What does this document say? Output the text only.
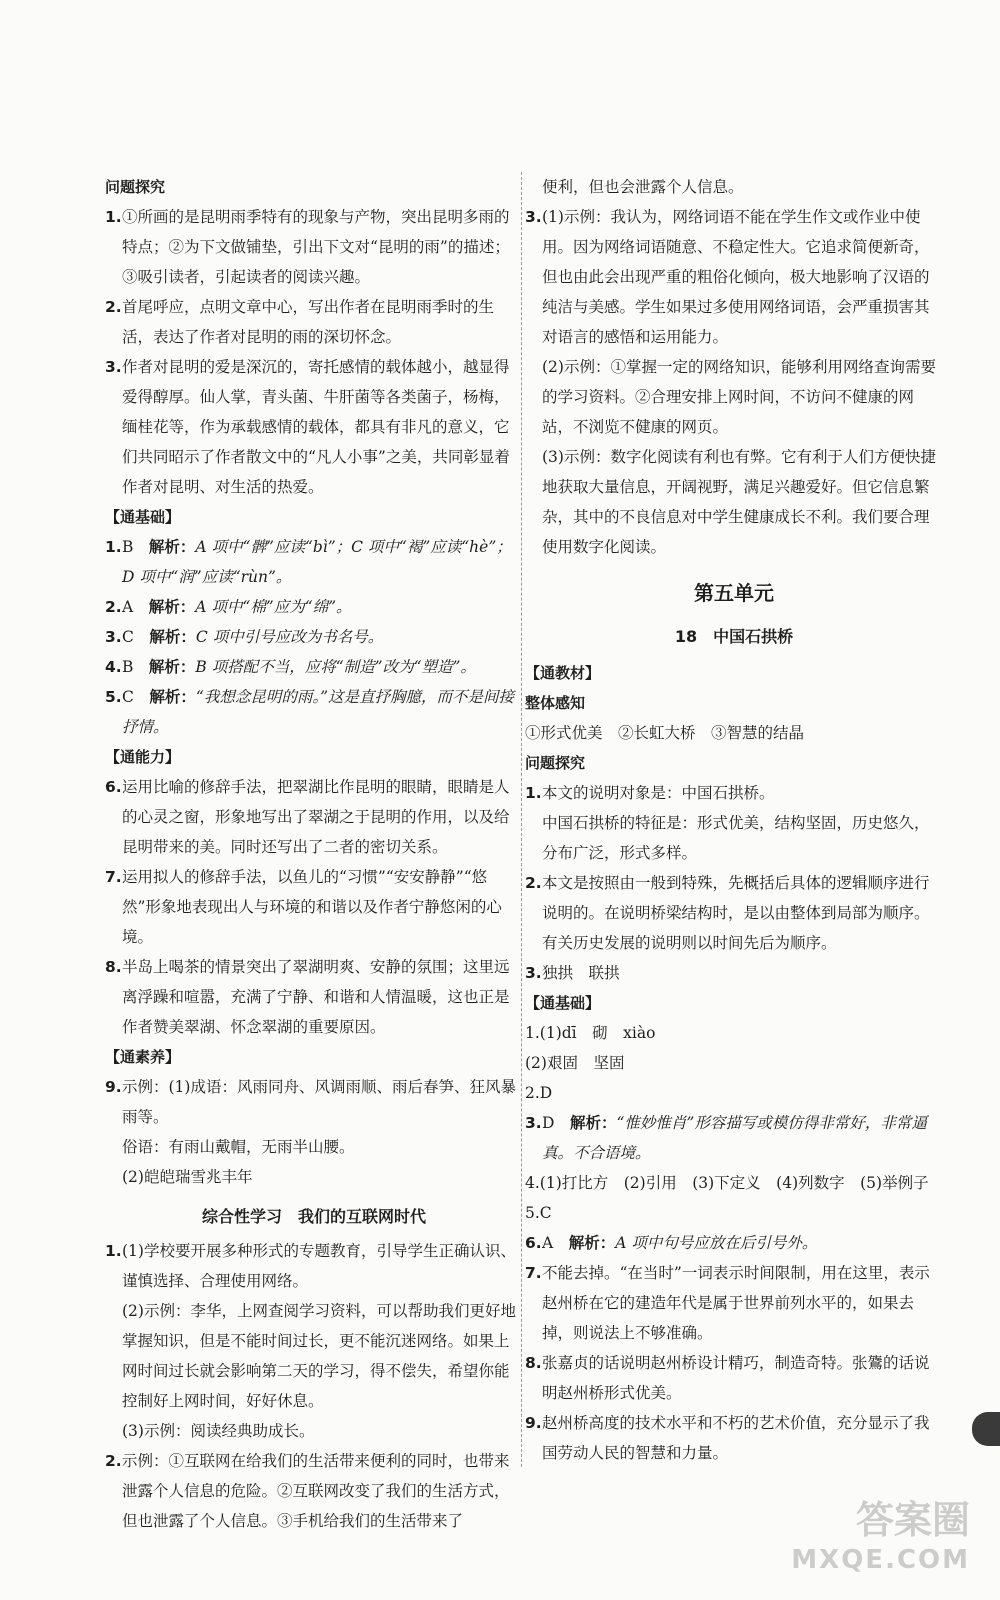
问题探究

1. ①所画的是昆明雨季特有的现象与产物，突出昆明多雨的特点；②为下文做铺垫，引出下文对“昆明的雨”的描述；③吸引读者，引起读者的阅读兴趣。
2. 首尾呼应，点明文章中心，写出作者在昆明雨季时的生活，表达了作者对昆明的雨的深切怀念。
3. 作者对昆明的爱是深沉的，寄托感情的载体越小，越显得爱得醇厚。仙人掌，青头菌、牛肝菌等各类菌子，杨梅，缅桂花等，作为承载感情的载体，都具有非凡的意义，它们共同昭示了作者散文中的“凡人小事”之美，共同彰显着作者对昆明、对生活的热爱。

【通基础】

1. B　 解析：A 项中“髀”应读“bì”；C 项中“褐”应读“hè”；D 项中“润”应读“rùn”。
2. A　 解析：A 项中“棉”应为“绵”。
3. C　 解析：C 项中引号应改为书名号。
4. B　 解析：B 项搭配不当，应将“制造”改为“塑造”。
5. C　 解析：“我想念昆明的雨。”这是直抒胸臆，而不是间接抒情。

【通能力】

6. 运用比喻的修辞手法，把翠湖比作昆明的眼睛，眼睛是人的心灵之窗，形象地写出了翠湖之于昆明的作用，以及给昆明带来的美。同时还写出了二者的密切关系。
7. 运用拟人的修辞手法，以鱼儿的“习惯”“安安静静”“悠然”形象地表现出人与环境的和谐以及作者宁静悠闲的心境。
8. 半岛上喝茶的情景突出了翠湖明爽、安静的氛围；这里远离浮躁和喧嚣，充满了宁静、和谐和人情温暖，这也正是作者赞美翠湖、怀念翠湖的重要原因。

【通素养】

9. 示例：(1)成语：风雨同舟、风调雨顺、雨后春笋、狂风暴雨等。

俗语：有雨山戴帽，无雨半山腰。

(2)皑皑瑞雪兆丰年

综合性学习　我们的互联网时代

1. (1)学校要开展多种形式的专题教育，引导学生正确认识、谨慎选择、合理使用网络。

(2)示例：李华，上网查阅学习资料，可以帮助我们更好地掌握知识，但是不能时间过长，更不能沉迷网络。如果上网时间过长就会影响第二天的学习，得不偿失，希望你能控制好上网时间，好好休息。

(3)示例：阅读经典助成长。

2. 示例：①互联网在给我们的生活带来便利的同时，也带来泄露个人信息的危险。②互联网改变了我们的生活方式，但也泄露了个人信息。③手机给我们的生活带来了

便利，但也会泄露个人信息。

3. (1)示例：我认为，网络词语不能在学生作文或作业中使用。因为网络词语随意、不稳定性大。它追求简便新奇，但也由此会出现严重的粗俗化倾向，极大地影响了汉语的纯洁与美感。学生如果过多使用网络词语，会严重损害其对语言的感悟和运用能力。

(2)示例：①掌握一定的网络知识，能够利用网络查询需要的学习资料。②合理安排上网时间，不访问不健康的网站，不浏览不健康的网页。

(3)示例：数字化阅读有利也有弊。它有利于人们方便快捷地获取大量信息，开阔视野，满足兴趣爱好。但它信息繁杂，其中的不良信息对中学生健康成长不利。我们要合理使用数字化阅读。

第五单元

18　中国石拱桥

【通教材】

整体感知

①形式优美　②长虹大桥　③智慧的结晶

问题探究

1. 本文的说明对象是：中国石拱桥。

中国石拱桥的特征是：形式优美，结构坚固，历史悠久，分布广泛，形式多样。

2. 本文是按照由一般到特殊，先概括后具体的逻辑顺序进行说明的。在说明桥梁结构时，是以由整体到局部为顺序。有关历史发展的说明则以时间先后为顺序。
3. 独拱　联拱

【通基础】

1.(1)dī　砌　xiào

(2)艰固　坚固

2.D

3. D　 解析：“惟妙惟肖”形容描写或模仿得非常好，非常逼真。不合语境。

4.(1)打比方　(2)引用　(3)下定义　(4)列数字　(5)举例子

5.C

6. A　 解析：A 项中句号应放在后引号外。
7. 不能去掉。“在当时”一词表示时间限制，用在这里，表示赵州桥在它的建造年代是属于世界前列水平的，如果去掉，则说法上不够准确。
8. 张嘉贞的话说明赵州桥设计精巧，制造奇特。张鷟的话说明赵州桥形式优美。
9. 赵州桥高度的技术水平和不朽的艺术价值，充分显示了我国劳动人民的智慧和力量。
答案圈
MXQE.COM
